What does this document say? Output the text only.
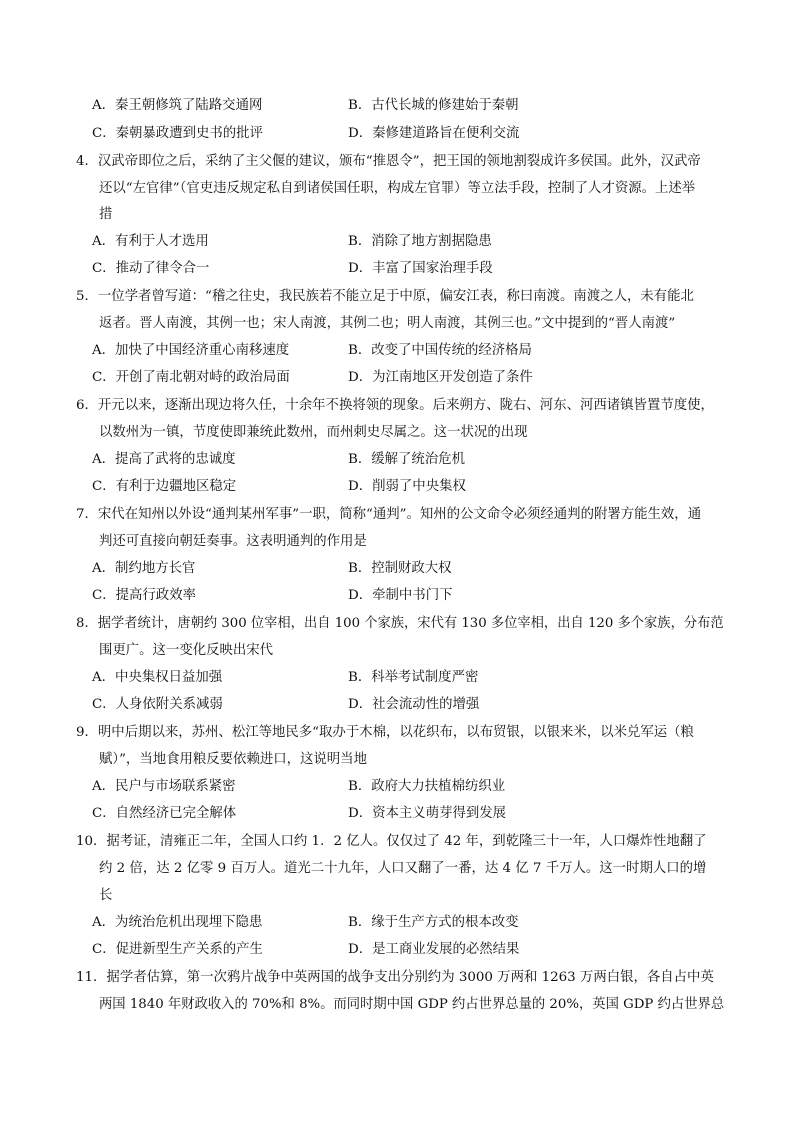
A．秦王朝修筑了陆路交通网	B．古代长城的修建始于秦朝
C．秦朝暴政遭到史书的批评	D．秦修建道路旨在便利交流
4．汉武帝即位之后，采纳了主父偃的建议，颁布“推恩令”，把王国的领地割裂成许多侯国。此外，汉武帝
还以“左官律”（官吏违反规定私自到诸侯国任职，构成左官罪）等立法手段，控制了人才资源。上述举
措
A．有利于人才选用	B．消除了地方割据隐患
C．推动了律令合一	D．丰富了国家治理手段
5．一位学者曾写道：“稽之往史，我民族若不能立足于中原，偏安江表，称曰南渡。南渡之人，未有能北
返者。晋人南渡，其例一也；宋人南渡，其例二也；明人南渡，其例三也。”文中提到的“晋人南渡”
A．加快了中国经济重心南移速度	B．改变了中国传统的经济格局
C．开创了南北朝对峙的政治局面	D．为江南地区开发创造了条件
6．开元以来，逐渐出现边将久任，十余年不换将领的现象。后来朔方、陇右、河东、河西诸镇皆置节度使，
以数州为一镇，节度使即兼统此数州，而州刺史尽属之。这一状况的出现
A．提高了武将的忠诚度	B．缓解了统治危机
C．有利于边疆地区稳定	D．削弱了中央集权
7．宋代在知州以外设“通判某州军事”一职，简称“通判”。知州的公文命令必须经通判的附署方能生效，通
判还可直接向朝廷奏事。这表明通判的作用是
A．制约地方长官	B．控制财政大权
C．提高行政效率	D．牵制中书门下
8．据学者统计，唐朝约 300 位宰相，出自 100 个家族，宋代有 130 多位宰相，出自 120 多个家族，分布范
围更广。这一变化反映出宋代
A．中央集权日益加强	B．科举考试制度严密
C．人身依附关系减弱	D．社会流动性的增强
9．明中后期以来，苏州、松江等地民多“取办于木棉，以花织布，以布贸银，以银来米，以米兑军运（粮
赋）”，当地食用粮反要依赖进口，这说明当地
A．民户与市场联系紧密	B．政府大力扶植棉纺织业
C．自然经济已完全解体	D．资本主义萌芽得到发展
10．据考证，清雍正二年，全国人口约 1．2 亿人。仅仅过了 42 年，到乾隆三十一年，人口爆炸性地翻了
约 2 倍，达 2 亿零 9 百万人。道光二十九年，人口又翻了一番，达 4 亿 7 千万人。这一时期人口的增
长
A．为统治危机出现埋下隐患	B．缘于生产方式的根本改变
C．促进新型生产关系的产生	D．是工商业发展的必然结果
11．据学者估算，第一次鸦片战争中英两国的战争支出分别约为 3000 万两和 1263 万两白银，各自占中英
两国 1840 年财政收入的 70%和 8%。而同时期中国 GDP 约占世界总量的 20%，英国 GDP 约占世界总
